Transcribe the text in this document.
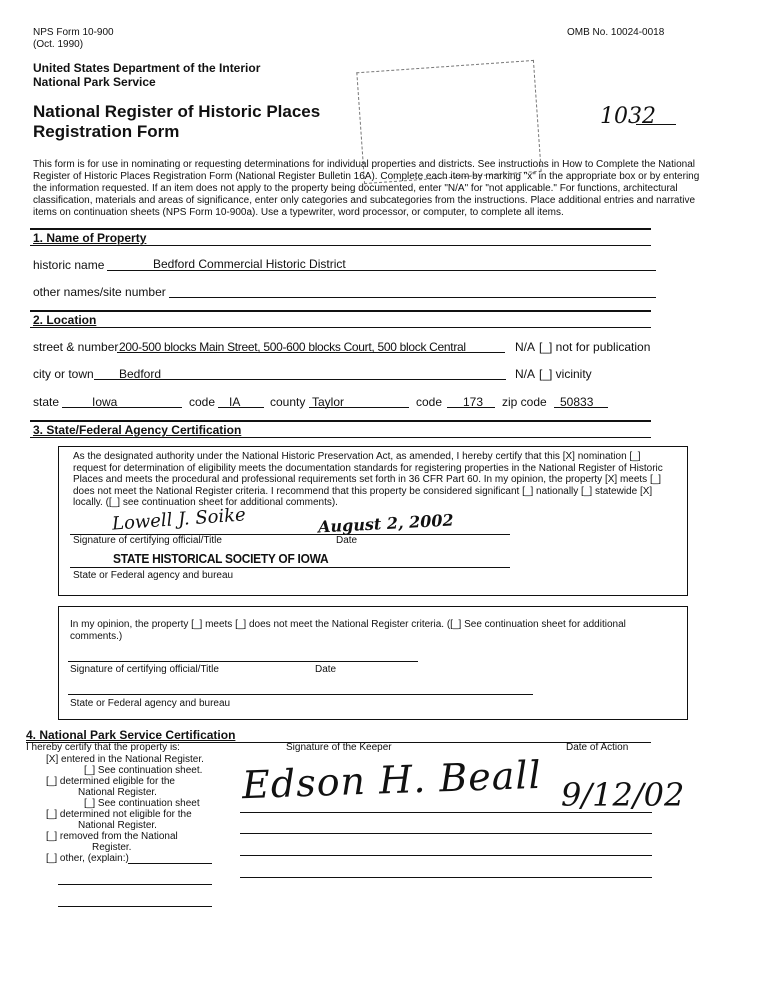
NPS Form 10-900
(Oct. 1990)
OMB No. 10024-0018
United States Department of the Interior
National Park Service
National Register of Historic Places
Registration Form
1032
This form is for use in nominating or requesting determinations for individual properties and districts. See instructions in How to Complete the National Register of Historic Places Registration Form (National Register Bulletin 16A). Complete each item by marking "x" in the appropriate box or by entering the information requested. If an item does not apply to the property being documented, enter "N/A" for "not applicable." For functions, architectural classification, materials and areas of significance, enter only categories and subcategories from the instructions. Place additional entries and narrative items on continuation sheets (NPS Form 10-900a). Use a typewriter, word processor, or computer, to complete all items.
1. Name of Property
historic name	Bedford Commercial Historic District
other names/site number
2. Location
street & number 200-500 blocks Main Street, 500-600 blocks Court, 500 block Central	N/A [_] not for publication
city or town Bedford	N/A [_] vicinity
state	Iowa	code IA county Taylor	code 173 zip code 50833
3. State/Federal Agency Certification
As the designated authority under the National Historic Preservation Act, as amended, I hereby certify that this [X] nomination [_] request for determination of eligibility meets the documentation standards for registering properties in the National Register of Historic Places and meets the procedural and professional requirements set forth in 36 CFR Part 60. In my opinion, the property [X] meets [_] does not meet the National Register criteria. I recommend that this property be considered significant [_] nationally [_] statewide [X] locally. ([_] see continuation sheet for additional comments).
Lowell J. Soike	August 2, 2002
Signature of certifying official/Title	Date
STATE HISTORICAL SOCIETY OF IOWA
State or Federal agency and bureau
In my opinion, the property [_] meets [_] does not meet the National Register criteria. ([_] See continuation sheet for additional comments.)
Signature of certifying official/Title	Date
State or Federal agency and bureau
4. National Park Service Certification
I hereby certify that the property is:	Signature of the Keeper	Date of Action
[X] entered in the National Register.
[_] See continuation sheet.
[_] determined eligible for the
National Register.
[_] See continuation sheet
[_] determined not eligible for the
National Register.
[_] removed from the National
Register.
[_] other, (explain:)
Edson H. Beall 9/12/02
